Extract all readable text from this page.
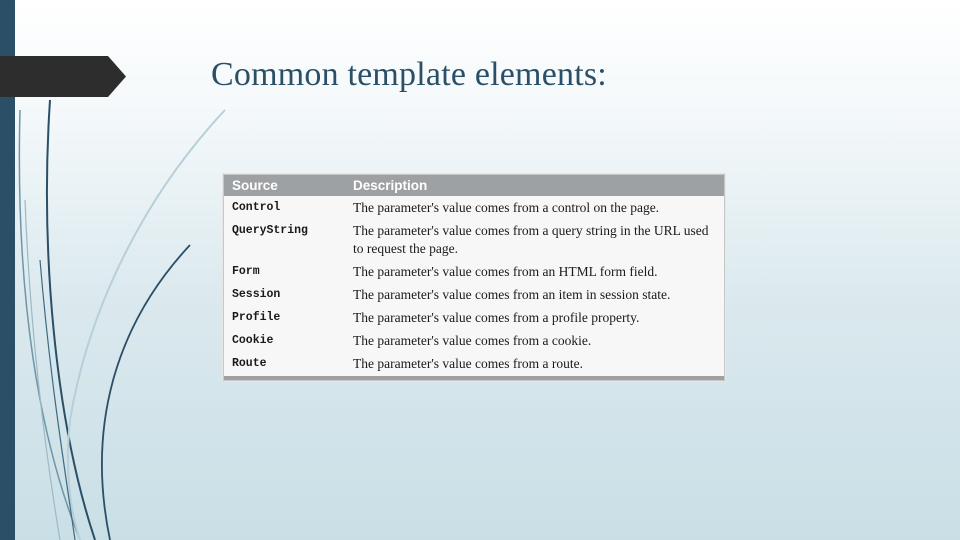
Common template elements:
Source	Description
Control	The parameter's value comes from a control on the page.
QueryString	The parameter's value comes from a query string in the URL used to request the page.
Form	The parameter's value comes from an HTML form field.
Session	The parameter's value comes from an item in session state.
Profile	The parameter's value comes from a profile property.
Cookie	The parameter's value comes from a cookie.
Route	The parameter's value comes from a route.
